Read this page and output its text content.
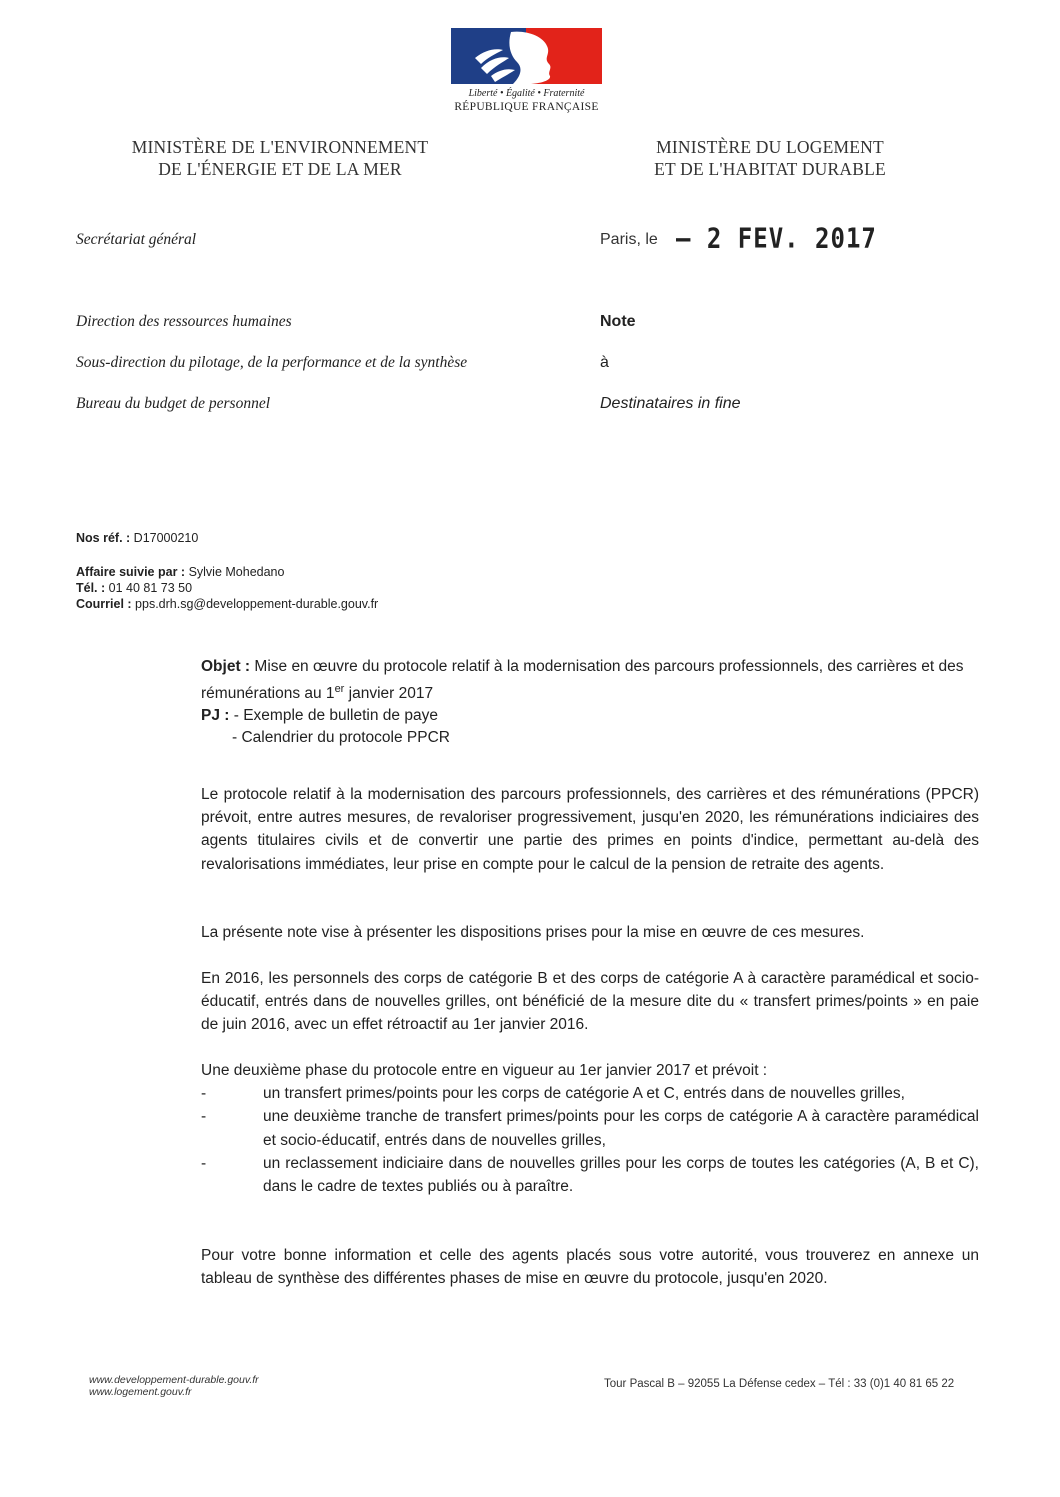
Liberté • Égalité • Fraternité
RÉPUBLIQUE FRANÇAISE
MINISTÈRE DE L'ENVIRONNEMENT
DE L'ÉNERGIE ET DE LA MER
MINISTÈRE DU LOGEMENT
ET DE L'HABITAT DURABLE
Secrétariat général
Direction des ressources humaines
Sous-direction du pilotage, de la performance et de la synthèse
Bureau du budget de personnel
Paris, le – 2 FEV. 2017
Note
à
Destinataires in fine
Nos réf. : D17000210
Affaire suivie par : Sylvie Mohedano
Tél. : 01 40 81 73 50
Courriel : pps.drh.sg@developpement-durable.gouv.fr
Objet : Mise en œuvre du protocole relatif à la modernisation des parcours professionnels, des carrières et des rémunérations au 1er janvier 2017
PJ : - Exemple de bulletin de paye
- Calendrier du protocole PPCR
Le protocole relatif à la modernisation des parcours professionnels, des carrières et des rémunérations (PPCR) prévoit, entre autres mesures, de revaloriser progressivement, jusqu'en 2020, les rémunérations indiciaires des agents titulaires civils et de convertir une partie des primes en points d'indice, permettant au-delà des revalorisations immédiates, leur prise en compte pour le calcul de la pension de retraite des agents.
La présente note vise à présenter les dispositions prises pour la mise en œuvre de ces mesures.
En 2016, les personnels des corps de catégorie B et des corps de catégorie A à caractère paramédical et socio-éducatif, entrés dans de nouvelles grilles, ont bénéficié de la mesure dite du « transfert primes/points » en paie de juin 2016, avec un effet rétroactif au 1er janvier 2016.
Une deuxième phase du protocole entre en vigueur au 1er janvier 2017 et prévoit :
-	un transfert primes/points pour les corps de catégorie A et C, entrés dans de nouvelles grilles,
-	une deuxième tranche de transfert primes/points pour les corps de catégorie A à caractère paramédical et socio-éducatif, entrés dans de nouvelles grilles,
-	un reclassement indiciaire dans de nouvelles grilles pour les corps de toutes les catégories (A, B et C), dans le cadre de textes publiés ou à paraître.
Pour votre bonne information et celle des agents placés sous votre autorité, vous trouverez en annexe un tableau de synthèse des différentes phases de mise en œuvre du protocole, jusqu'en 2020.
www.developpement-durable.gouv.fr
www.logement.gouv.fr
Tour Pascal B – 92055 La Défense cedex – Tél : 33 (0)1 40 81 65 22
